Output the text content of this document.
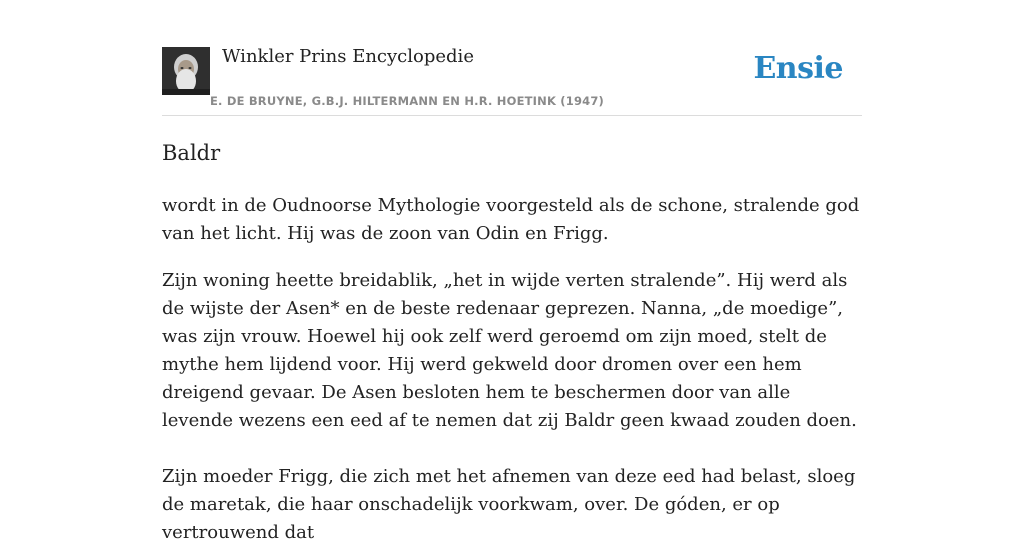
Winkler Prins Encyclopedie
E. DE BRUYNE, G.B.J. HILTERMANN EN H.R. HOETINK (1947)
Ensie
Baldr

wordt in de Oudnoorse Mythologie voorgesteld als de schone, stralende god van het licht. Hij was de zoon van Odin en Frigg.

Zijn woning heette breidablik, „het in wijde verten stralende”. Hij werd als de wijste der Asen* en de beste redenaar geprezen. Nanna, „de moedige”, was zijn vrouw. Hoewel hij ook zelf werd geroemd om zijn moed, stelt de mythe hem lijdend voor. Hij werd gekweld door dromen over een hem dreigend gevaar. De Asen besloten hem te beschermen door van alle levende wezens een eed af te nemen dat zij Baldr geen kwaad zouden doen.

Zijn moeder Frigg, die zich met het afnemen van deze eed had belast, sloeg de maretak, die haar onschadelijk voorkwam, over. De góden, er op vertrouwend dat
